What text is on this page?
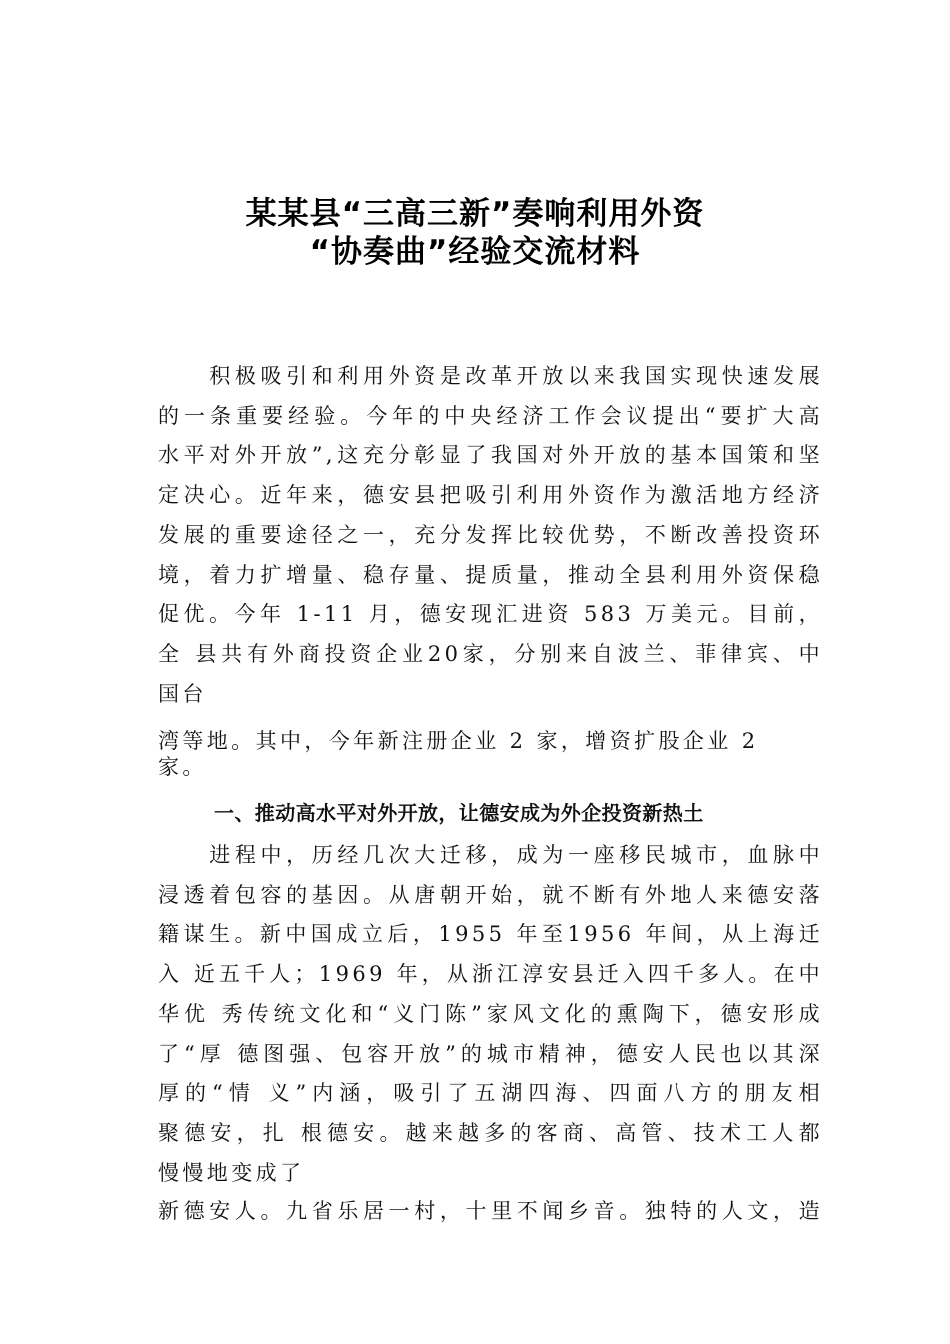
某某县“三高三新”奏响利用外资
“协奏曲”经验交流材料
　　积极吸引和利用外资是改革开放以来我国实现快速发展
的一条重要经验。今年的中央经济工作会议提出“要扩大高
水平对外开放”,这充分彰显了我国对外开放的基本国策和坚
定决心。近年来，德安县把吸引利用外资作为激活地方经济
发展的重要途径之一，充分发挥比较优势，不断改善投资环
境，着力扩增量、稳存量、提质量，推动全县利用外资保稳
促优。今年 1-11 月，德安现汇进资 583 万美元。目前，
全 县共有外商投资企业20家，分别来自波兰、菲律宾、中
国台
湾等地。其中，今年新注册企业 2 家，增资扩股企业 2
家。
一、推动高水平对外开放，让德安成为外企投资新热土
　　进程中，历经几次大迁移，成为一座移民城市，血脉中
浸透着包容的基因。从唐朝开始，就不断有外地人来德安落
籍谋生。新中国成立后，1955 年至1956 年间，从上海迁
入 近五千人；1969 年，从浙江淳安县迁入四千多人。在中
华优 秀传统文化和“义门陈”家风文化的熏陶下，德安形成
了“厚 德图强、包容开放”的城市精神，德安人民也以其深
厚的“情 义”内涵，吸引了五湖四海、四面八方的朋友相
聚德安，扎 根德安。越来越多的客商、高管、技术工人都
慢慢地变成了
新德安人。九省乐居一村，十里不闻乡音。独特的人文，造
